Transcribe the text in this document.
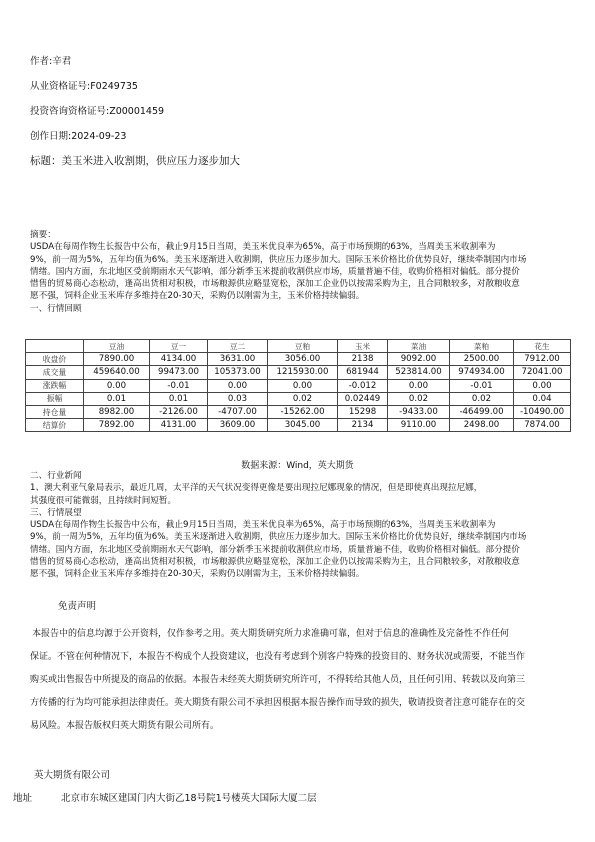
作者:辛君
从业资格证号:F0249735
投资咨询资格证号:Z00001459
创作日期:2024-09-23
标题：美玉米进入收割期，供应压力逐步加大
摘要：
USDA在每周作物生长报告中公布，截止9月15日当周，美玉米优良率为65%，高于市场预期的63%，当周美玉米收割率为
9%，前一周为5%，五年均值为6%。美玉米逐渐进入收割期，供应压力逐步加大。国际玉米价格比价优势良好，继续牵制国内市场
情绪。国内方面，东北地区受前期雨水天气影响，部分新季玉米提前收割供应市场，质量普遍不佳，收购价格相对偏低。部分提价
惜售的贸易商心态松动，逢高出货相对积极，市场粮源供应略显宽松，深加工企业仍以按需采购为主，且合同粮较多，对散粮收意
愿不强，饲料企业玉米库存多维持在20-30天，采购仍以刚需为主，玉米价格持续偏弱。
一、行情回顾
	豆油	豆一	豆二	豆粕	玉米	菜油	菜粕	花生
收盘价	7890.00	4134.00	3631.00	3056.00	2138	9092.00	2500.00	7912.00
成交量	459640.00	99473.00	105373.00	1215930.00	681944	523814.00	974934.00	72041.00
涨跌幅	0.00	-0.01	0.00	0.00	-0.012	0.00	-0.01	0.00
振幅	0.01	0.01	0.03	0.02	0.02449	0.02	0.02	0.04
持仓量	8982.00	-2126.00	-4707.00	-15262.00	15298	-9433.00	-46499.00	-10490.00
结算价	7892.00	4131.00	3609.00	3045.00	2134	9110.00	2498.00	7874.00
数据来源：Wind，英大期货
二、行业新闻
1、澳大利亚气象局表示，最近几周，太平洋的天气状况变得更像是要出现拉尼娜现象的情况，但是即使真出现拉尼娜，
其强度很可能微弱，且持续时间短暂。
三、行情展望
USDA在每周作物生长报告中公布，截止9月15日当周，美玉米优良率为65%，高于市场预期的63%，当周美玉米收割率为
9%，前一周为5%，五年均值为6%。美玉米逐渐进入收割期，供应压力逐步加大。国际玉米价格比价优势良好，继续牵制国内市场
情绪。国内方面，东北地区受前期雨水天气影响，部分新季玉米提前收割供应市场，质量普遍不佳，收购价格相对偏低。部分提价
惜售的贸易商心态松动，逢高出货相对积极，市场粮源供应略显宽松，深加工企业仍以按需采购为主，且合同粮较多，对散粮收意
愿不强，饲料企业玉米库存多维持在20-30天，采购仍以刚需为主，玉米价格持续偏弱。
免责声明
本报告中的信息均源于公开资料，仅作参考之用。英大期货研究所力求准确可靠，但对于信息的准确性及完备性不作任何
保证。不管在何种情况下，本报告不构成个人投资建议，也没有考虑到个别客户特殊的投资目的、财务状况或需要，不能当作
购买或出售报告中所提及的商品的依据。本报告未经英大期货研究所许可，不得转给其他人员，且任何引用、转载以及向第三
方传播的行为均可能承担法律责任。英大期货有限公司不承担因根据本报告操作而导致的损失，敬请投资者注意可能存在的交
易风险。本报告版权归英大期货有限公司所有。
英大期货有限公司
地址	北京市东城区建国门内大街乙18号院1号楼英大国际大厦二层
